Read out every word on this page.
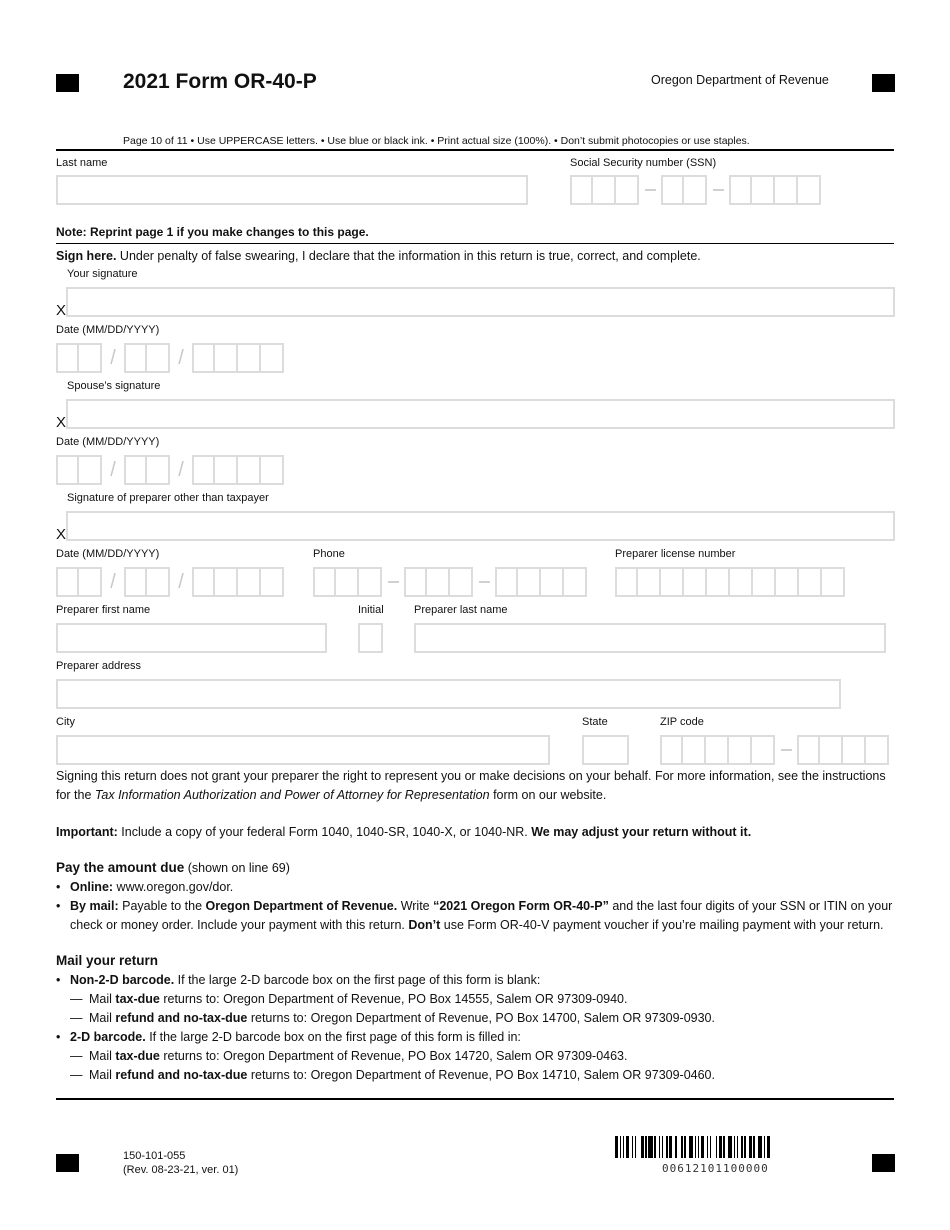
2021 Form OR-40-P	Oregon Department of Revenue
Page 10 of 11 • Use UPPERCASE letters. • Use blue or black ink. • Print actual size (100%). • Don’t submit photocopies or use staples.
Last name	Social Security number (SSN)
Note: Reprint page 1 if you make changes to this page.
Sign here. Under penalty of false swearing, I declare that the information in this return is true, correct, and complete.
Your signature
X
Date (MM/DD/YYYY)
/	/
Spouse’s signature
X
Date (MM/DD/YYYY)
/	/
Signature of preparer other than taxpayer
X
Date (MM/DD/YYYY)
/	/
Phone	Preparer license number
Preparer first name	Initial	Preparer last name
Preparer address
City	State	ZIP code
Signing this return does not grant your preparer the right to represent you or make decisions on your behalf. For more information, see the instructions for the Tax Information Authorization and Power of Attorney for Representation form on our website.
Important: Include a copy of your federal Form 1040, 1040-SR, 1040-X, or 1040-NR. We may adjust your return without it.
Pay the amount due (shown on line 69)
• Online: www.oregon.gov/dor.
• By mail: Payable to the Oregon Department of Revenue. Write “2021 Oregon Form OR-40-P” and the last four digits of your SSN or ITIN on your check or money order. Include your payment with this return. Don’t use Form OR-40-V payment voucher if you’re mailing payment with your return.
Mail your return
• Non-2-D barcode. If the large 2-D barcode box on the first page of this form is blank:
— Mail tax-due returns to: Oregon Department of Revenue, PO Box 14555, Salem OR 97309-0940.
— Mail refund and no-tax-due returns to: Oregon Department of Revenue, PO Box 14700, Salem OR 97309-0930.
• 2-D barcode. If the large 2-D barcode box on the first page of this form is filled in:
— Mail tax-due returns to: Oregon Department of Revenue, PO Box 14720, Salem OR 97309-0463.
— Mail refund and no-tax-due returns to: Oregon Department of Revenue, PO Box 14710, Salem OR 97309-0460.
150-101-055
(Rev. 08-23-21, ver. 01)	00612101100000
